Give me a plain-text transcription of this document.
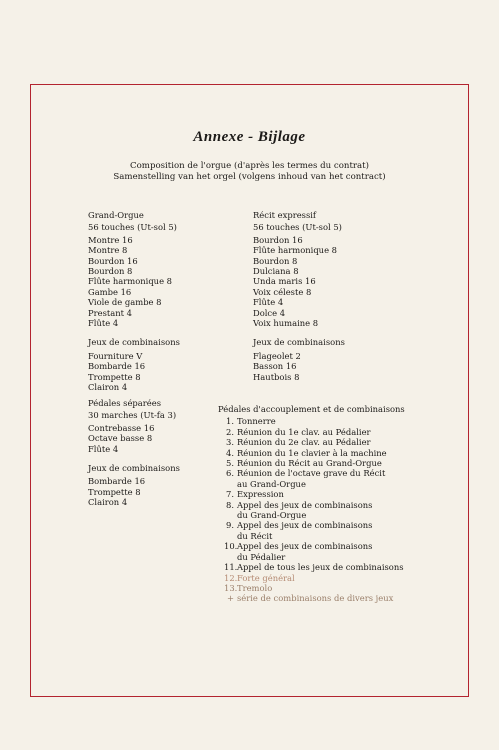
Annexe - Bijlage
Composition de l'orgue (d'après les termes du contrat)
Samenstelling van het orgel (volgens inhoud van het contract)
Grand-Orgue
56 touches (Ut-sol 5)
Montre 16
Montre 8
Bourdon 16
Bourdon 8
Flûte harmonique 8
Gambe 16
Viole de gambe 8
Prestant 4
Flûte 4
Jeux de combinaisons
Fourniture V
Bombarde 16
Trompette 8
Clairon 4
Pédales séparées
30 marches (Ut-fa 3)
Contrebasse 16
Octave basse 8
Flûte 4
Jeux de combinaisons
Bombarde 16
Trompette 8
Clairon 4
Récit expressif
56 touches (Ut-sol 5)
Bourdon 16
Flûte harmonique 8
Bourdon 8
Dulciana 8
Unda maris 16
Voix céleste 8
Flûte 4
Dolce 4
Voix humaine 8
Jeux de combinaisons
Flageolet 2
Basson 16
Hautbois 8
Pédales d'accouplement et de combinaisons
1. Tonnerre
2. Réunion du 1e clav. au Pédalier
3. Réunion du 2e clav. au Pédalier
4. Réunion du 1e clavier à la machine
5. Réunion du Récit au Grand-Orgue
6. Réunion de l'octave grave du Récit
au Grand-Orgue
7. Expression
8. Appel des jeux de combinaisons
du Grand-Orgue
9. Appel des jeux de combinaisons
du Récit
10.Appel des jeux de combinaisons
du Pédalier
11.Appel de tous les jeux de combinaisons
12.Forte général
13.Tremolo
+ série de combinaisons de divers jeux
